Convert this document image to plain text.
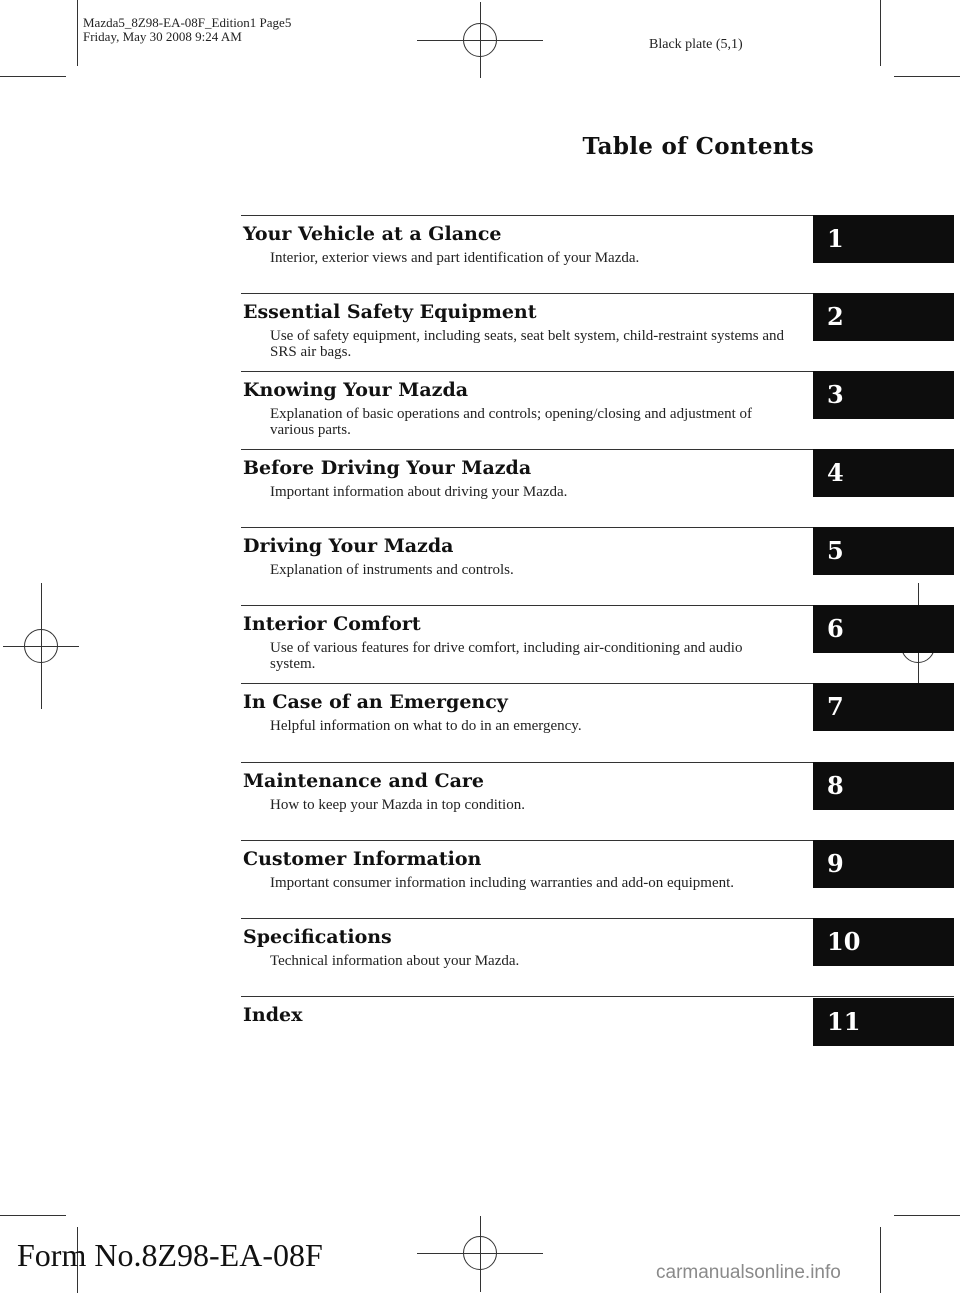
Mazda5_8Z98-EA-08F_Edition1 Page5
Friday, May 30 2008 9:24 AM
Black plate (5,1)
Table of Contents
Your Vehicle at a Glance

Interior, exterior views and part identification of your Mazda.

1
Essential Safety Equipment

Use of safety equipment, including seats, seat belt system, child-restraint systems and SRS air bags.

2
Knowing Your Mazda

Explanation of basic operations and controls; opening/closing and adjustment of various parts.

3
Before Driving Your Mazda

Important information about driving your Mazda.

4
Driving Your Mazda

Explanation of instruments and controls.

5
Interior Comfort

Use of various features for drive comfort, including air-conditioning and audio system.

6
In Case of an Emergency

Helpful information on what to do in an emergency.

7
Maintenance and Care

How to keep your Mazda in top condition.

8
Customer Information

Important consumer information including warranties and add-on equipment.

9
Specifications

Technical information about your Mazda.

10
Index	11
Form No.8Z98-EA-08F	carmanualsonline.info
